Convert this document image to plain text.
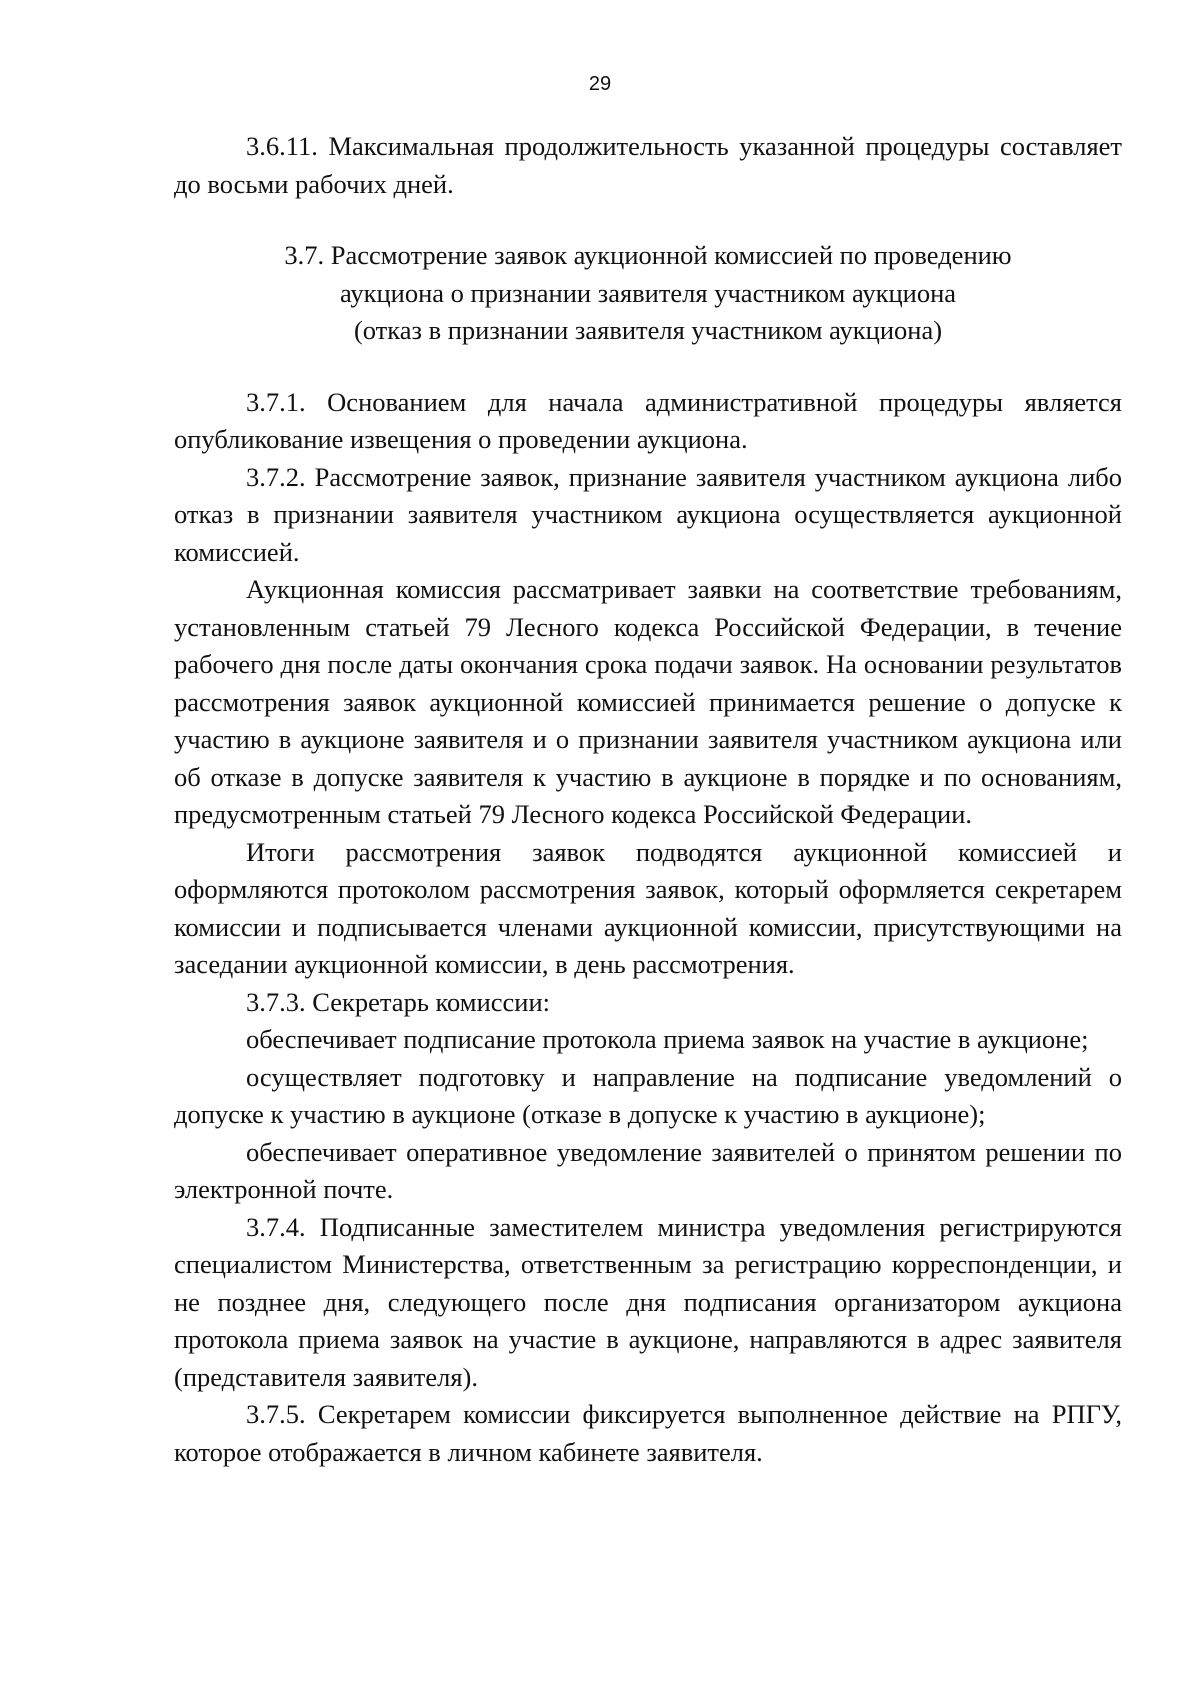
29

3.6.11. Максимальная продолжительность указанной процедуры составляет до восьми рабочих дней.

3.7. Рассмотрение заявок аукционной комиссией по проведению
аукциона о признании заявителя участником аукциона
(отказ в признании заявителя участником аукциона)

3.7.1. Основанием для начала административной процедуры является опубликование извещения о проведении аукциона.

3.7.2. Рассмотрение заявок, признание заявителя участником аукциона либо отказ в признании заявителя участником аукциона осуществляется аукционной комиссией.

Аукционная комиссия рассматривает заявки на соответствие требованиям, установленным статьей 79 Лесного кодекса Российской Федерации, в течение рабочего дня после даты окончания срока подачи заявок. На основании результатов рассмотрения заявок аукционной комиссией принимается решение о допуске к участию в аукционе заявителя и о признании заявителя участником аукциона или об отказе в допуске заявителя к участию в аукционе в порядке и по основаниям, предусмотренным статьей 79 Лесного кодекса Российской Федерации.

Итоги рассмотрения заявок подводятся аукционной комиссией и оформляются протоколом рассмотрения заявок, который оформляется секретарем комиссии и подписывается членами аукционной комиссии, присутствующими на заседании аукционной комиссии, в день рассмотрения.

3.7.3. Секретарь комиссии:

обеспечивает подписание протокола приема заявок на участие в аукционе;

осуществляет подготовку и направление на подписание уведомлений о допуске к участию в аукционе (отказе в допуске к участию в аукционе);

обеспечивает оперативное уведомление заявителей о принятом решении по электронной почте.

3.7.4. Подписанные заместителем министра уведомления регистрируются специалистом Министерства, ответственным за регистрацию корреспонденции, и не позднее дня, следующего после дня подписания организатором аукциона протокола приема заявок на участие в аукционе, направляются в адрес заявителя (представителя заявителя).

3.7.5. Секретарем комиссии фиксируется выполненное действие на РПГУ, которое отображается в личном кабинете заявителя.
